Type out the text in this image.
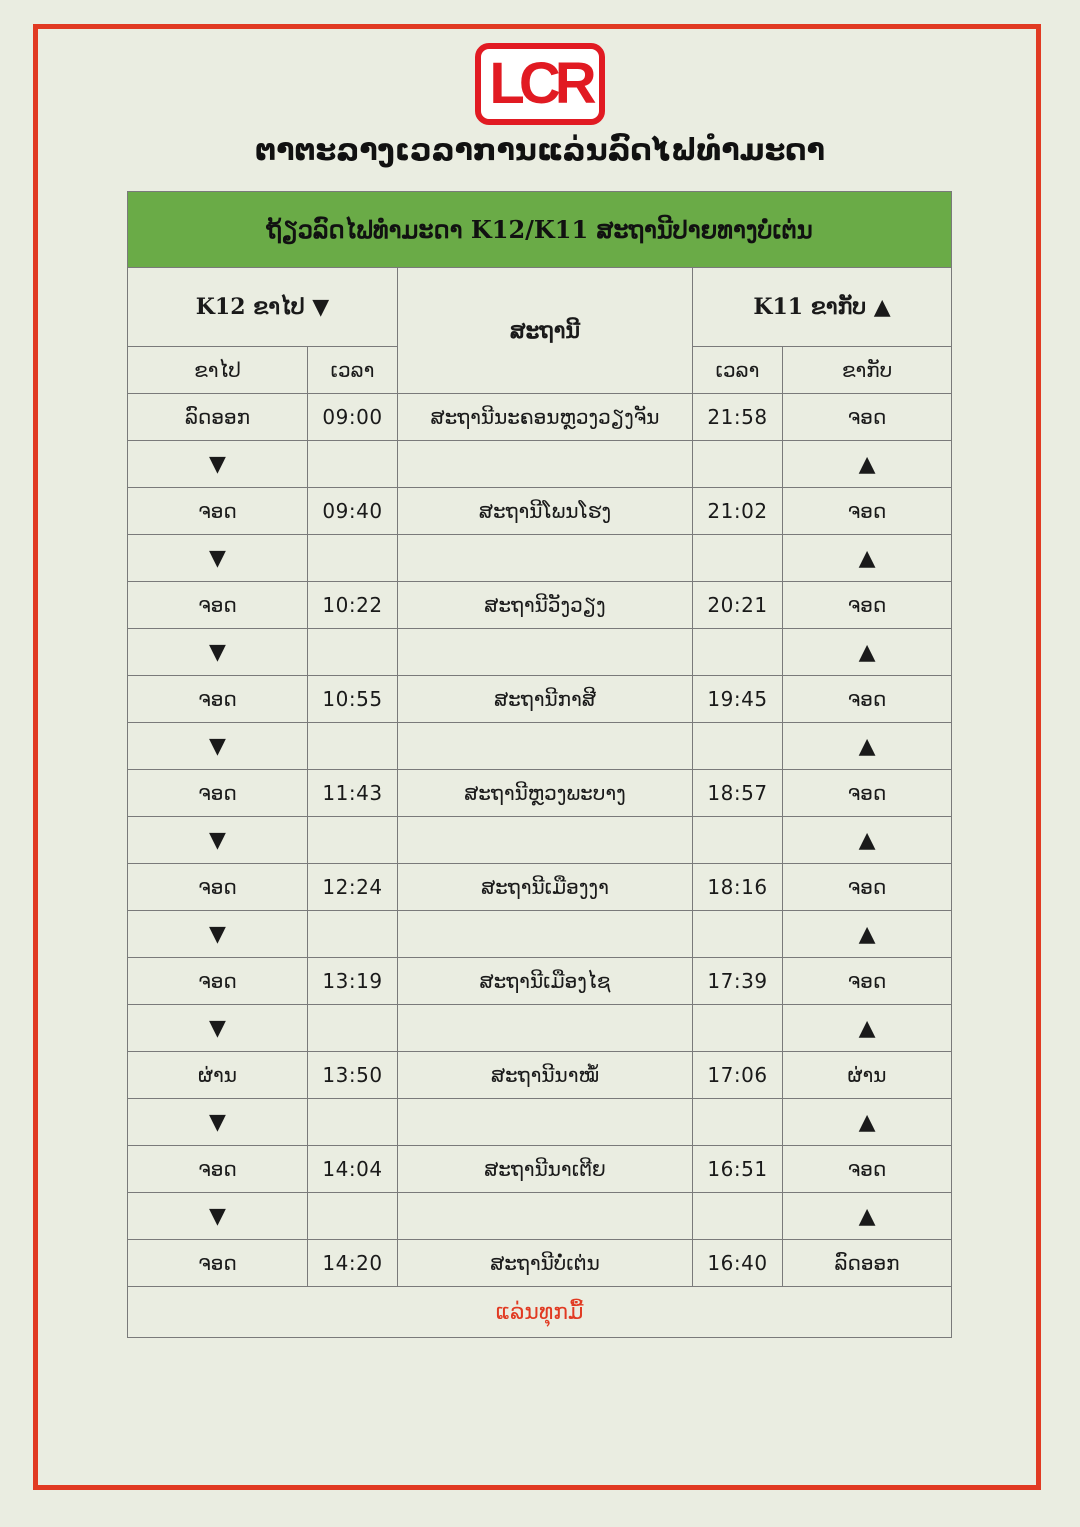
LCR
ຕາຕະລາງເວລາການແລ່ນລົດໄຟທຳມະດາ
ຖ້ຽວລົດໄຟທຳມະດາ K12/K11 ສະຖານີປາຍທາງບໍ່ເຕ່ນ				
K12 ຂາໄປ ▼		ສະຖານີ	K11 ຂາກັບ ▲	
ຂາໄປ	ເວລາ		ເວລາ	ຂາກັບ
ລົດອອກ	09:00	ສະຖານີນະຄອນຫຼວງວຽງຈັນ	21:58	ຈອດ
▼				▲
ຈອດ	09:40	ສະຖານີໂພນໂຮງ	21:02	ຈອດ
▼				▲
ຈອດ	10:22	ສະຖານີວັງວຽງ	20:21	ຈອດ
▼				▲
ຈອດ	10:55	ສະຖານີກາສີ	19:45	ຈອດ
▼				▲
ຈອດ	11:43	ສະຖານີຫຼວງພະບາງ	18:57	ຈອດ
▼				▲
ຈອດ	12:24	ສະຖານີເມືອງງາ	18:16	ຈອດ
▼				▲
ຈອດ	13:19	ສະຖານີເມືອງໄຊ	17:39	ຈອດ
▼				▲
ຜ່ານ	13:50	ສະຖານີນາໝໍ້	17:06	ຜ່ານ
▼				▲
ຈອດ	14:04	ສະຖານີນາເຕີຍ	16:51	ຈອດ
▼				▲
ຈອດ	14:20	ສະຖານີບໍ່ເຕ່ນ	16:40	ລົດອອກ
ແລ່ນທຸກມື້				
